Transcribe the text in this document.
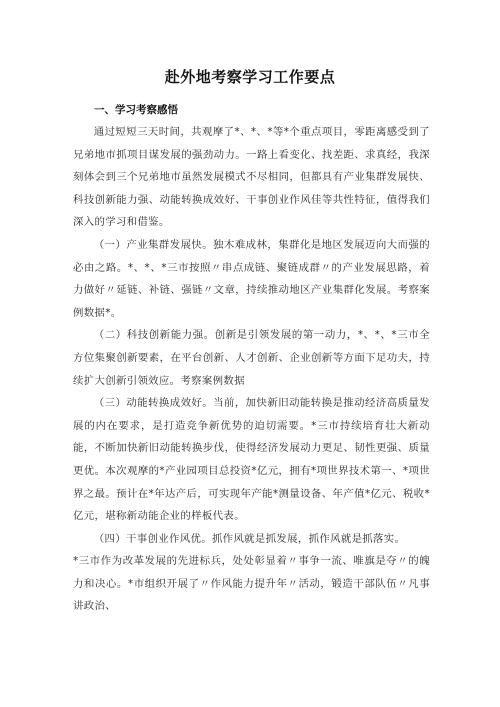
赴外地考察学习工作要点
一、学习考察感悟

通过短短三天时间，共观摩了*、*、*等*个重点项目，零距离感受到了兄弟地市抓项目谋发展的强劲动力。一路上看变化、找差距、求真经，我深刻体会到三个兄弟地市虽然发展模式不尽相同，但都具有产业集群发展快、科技创新能力强、动能转换成效好、干事创业作风佳等共性特征，值得我们深入的学习和借鉴。

（一）产业集群发展快。独木难成林，集群化是地区发展迈向大而强的必由之路。*、*、*三市按照〃串点成链、聚链成群〃的产业发展思路，着力做好〃延链、补链、强链〃文章，持续推动地区产业集群化发展。考察案例数据*。

（二）科技创新能力强。创新是引领发展的第一动力，*、*、*三市全方位集聚创新要素，在平台创新、人才创新、企业创新等方面下足功夫，持续扩大创新引领效应。考察案例数据

（三）动能转换成效好。当前，加快新旧动能转换是推动经济高质量发展的内在要求，是打造竞争新优势的迫切需要。*三市持续培育壮大新动能，不断加快新旧动能转换步伐，使得经济发展动力更足、韧性更强、质量更优。本次观摩的*产业园项目总投资*亿元，拥有*项世界技术第一、*项世界之最。预计在*年达产后，可实现年产能*测量设备、年产值*亿元、税收*亿元，堪称新动能企业的样板代表。

（四）干事创业作风优。抓作风就是抓发展，抓作风就是抓落实。

*三市作为改革发展的先进标兵，处处彰显着〃事争一流、唯旗是夺〃的魄力和决心。*市组织开展了〃作风能力提升年〃活动，锻造干部队伍〃凡事讲政治、
